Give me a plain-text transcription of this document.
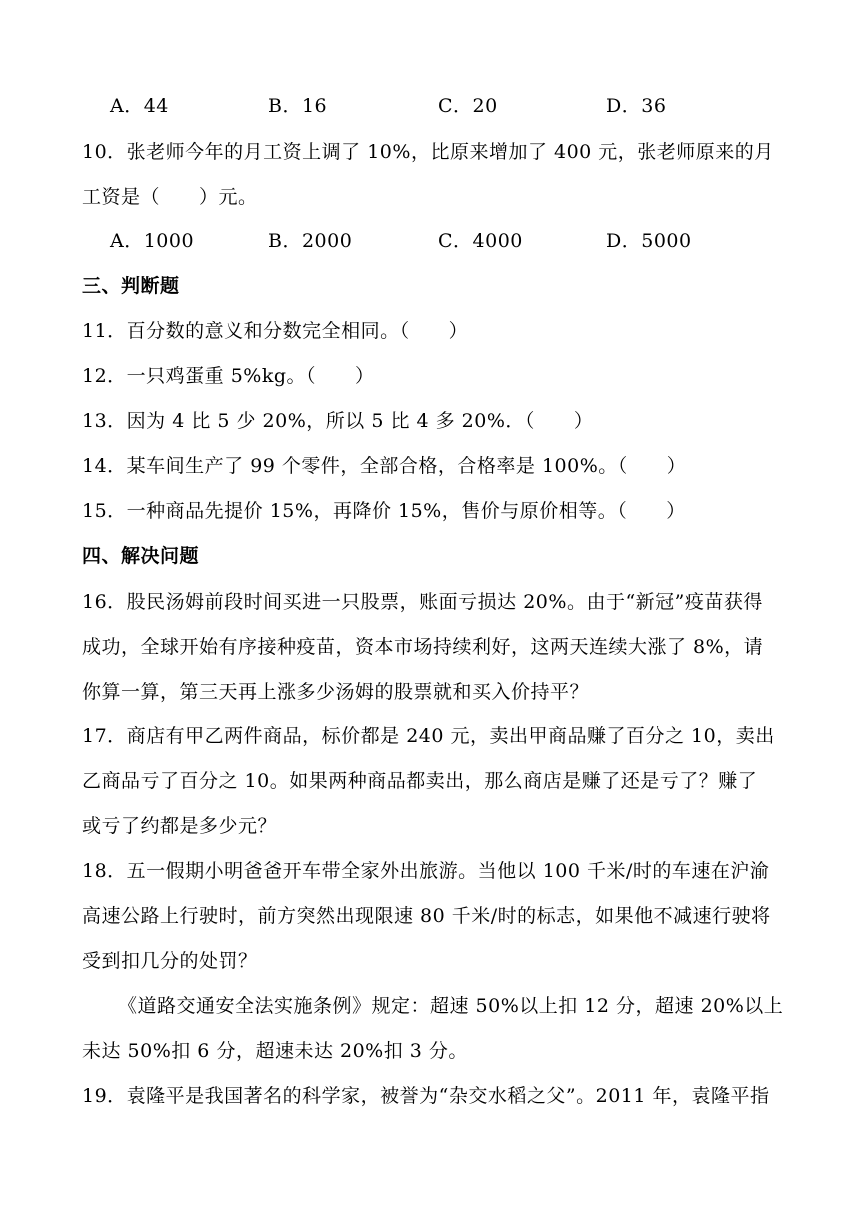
A．44	B．16	C．20	D．36
10．张老师今年的月工资上调了 10%，比原来增加了 400 元，张老师原来的月
工资是（　　）元。
A．1000	B．2000	C．4000	D．5000
三、判断题
11．百分数的意义和分数完全相同。（　　）
12．一只鸡蛋重 5%kg。（　　）
13．因为 4 比 5 少 20%，所以 5 比 4 多 20%．（　　）
14．某车间生产了 99 个零件，全部合格，合格率是 100%。（　　）
15．一种商品先提价 15%，再降价 15%，售价与原价相等。（　　）
四、解决问题
16．股民汤姆前段时间买进一只股票，账面亏损达 20%。由于“新冠”疫苗获得
成功，全球开始有序接种疫苗，资本市场持续利好，这两天连续大涨了 8%，请
你算一算，第三天再上涨多少汤姆的股票就和买入价持平？
17．商店有甲乙两件商品，标价都是 240 元，卖出甲商品赚了百分之 10，卖出
乙商品亏了百分之 10。如果两种商品都卖出，那么商店是赚了还是亏了？赚了
或亏了约都是多少元？
18．五一假期小明爸爸开车带全家外出旅游。当他以 100 千米/时的车速在沪渝
高速公路上行驶时，前方突然出现限速 80 千米/时的标志，如果他不减速行驶将
受到扣几分的处罚？
《道路交通安全法实施条例》规定：超速 50%以上扣 12 分，超速 20%以上
未达 50%扣 6 分，超速未达 20%扣 3 分。
19．袁隆平是我国著名的科学家，被誉为“杂交水稻之父”。2011 年，袁隆平指
